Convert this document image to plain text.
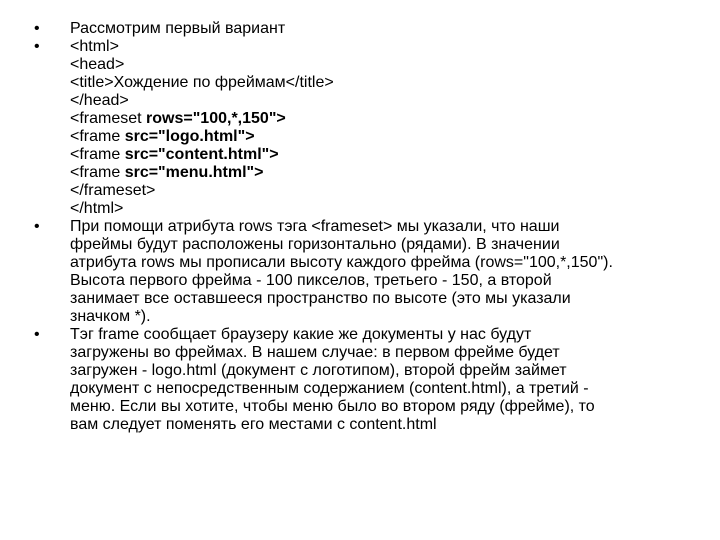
•	Рассмотрим первый вариант
•	<html>
<head>
<title>Хождение по фреймам</title>
</head>
<frameset rows="100,*,150">
<frame src="logo.html">
<frame src="content.html">
<frame src="menu.html">
</frameset>
</html>
•	При помощи атрибута rows тэга <frameset> мы указали, что наши
фреймы будут расположены горизонтально (рядами). В значении
атрибута rows мы прописали высоту каждого фрейма (rows="100,*,150").
Высота первого фрейма - 100 пикселов, третьего - 150, а второй
занимает все оставшееся пространство по высоте (это мы указали
значком *).
•	Тэг frame сообщает браузеру какие же документы у нас будут
загружены во фреймах. В нашем случае: в первом фрейме будет
загружен - logo.html (документ с логотипом), второй фрейм займет
документ с непосредственным содержанием (content.html), а третий -
меню. Если вы хотите, чтобы меню было во втором ряду (фрейме), то
вам следует поменять его местами с content.html
